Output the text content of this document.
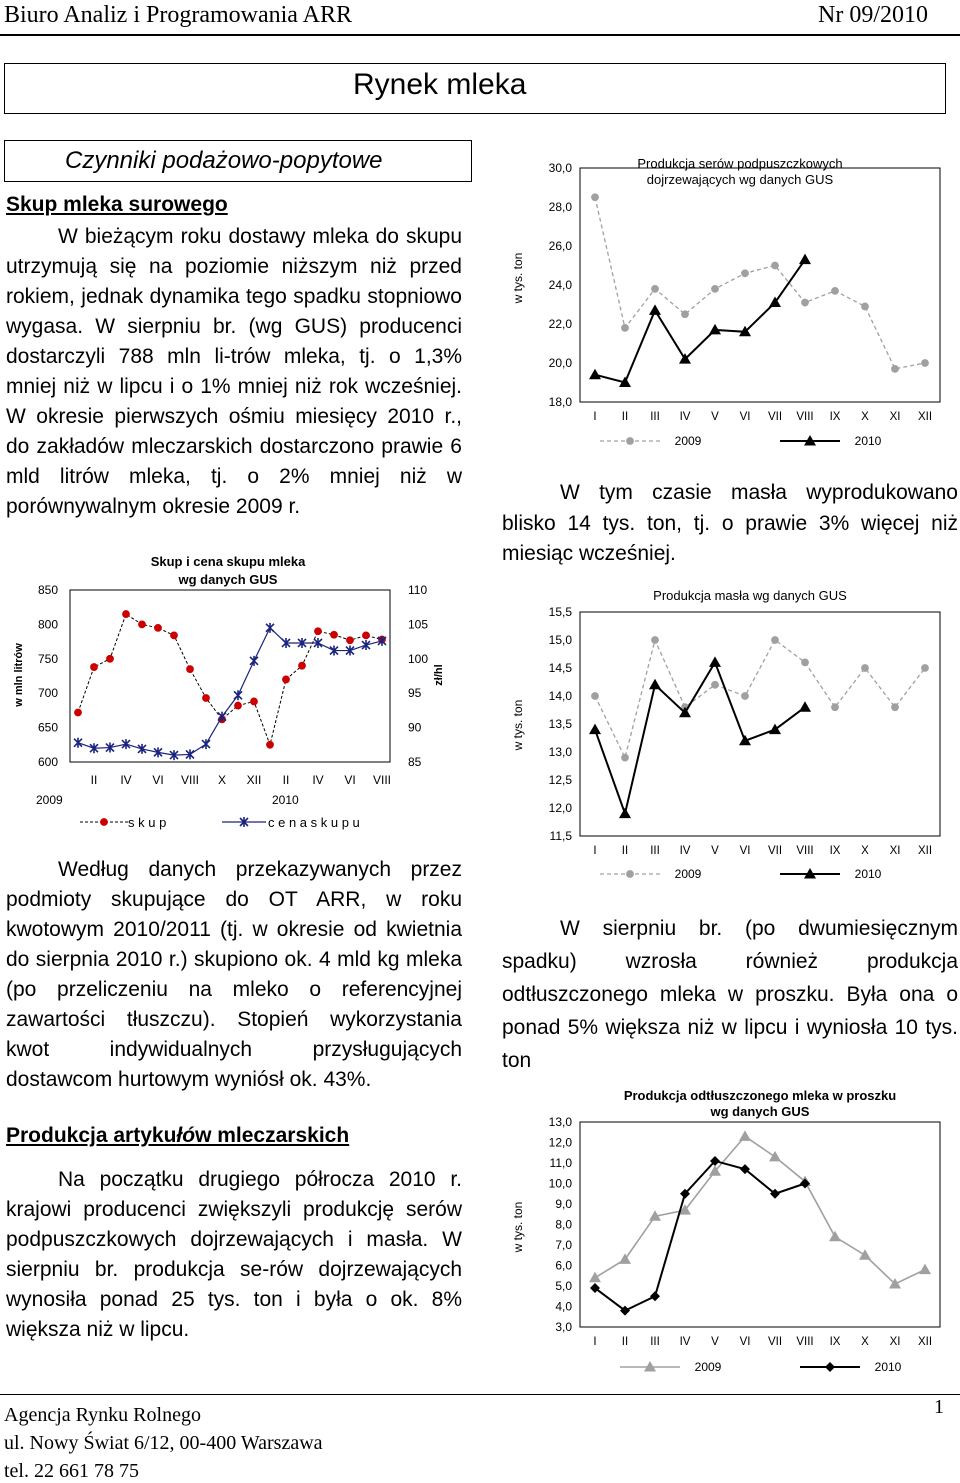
Biuro Analiz i Programowania ARR	Nr 09/2010
Rynek mleka
Czynniki podażowo-popytowe
Skup mleka surowego
W bieżącym roku dostawy mleka do skupu utrzymują się na poziomie niższym niż przed rokiem, jednak dynamika tego spadku stopniowo wygasa. W sierpniu br. (wg GUS) producenci dostarczyli 788 mln li-trów mleka, tj. o 1,3% mniej niż w lipcu i o 1% mniej niż rok wcześniej. W okresie pierwszych ośmiu miesięcy 2010 r., do zakładów mleczarskich dostarczono prawie 6 mld litrów mleka, tj. o 2% mniej niż w porównywalnym okresie 2009 r.
850
800
750
700
650
600
110
105
100
95
90
85
II IV VI VIII X XII II IV VI VIII
2009	2010
w mln litrów	zł/hl
Skup i cena skupu mleka
wg danych GUS
s k u p	c e n a s k u p u
Według danych przekazywanych przez podmioty skupujące do OT ARR, w roku kwotowym 2010/2011 (tj. w okresie od kwietnia do sierpnia 2010 r.) skupiono ok. 4 mld kg mleka (po przeliczeniu na mleko o referencyjnej zawartości tłuszczu). Stopień wykorzystania kwot indywidualnych przysługujących dostawcom hurtowym wyniósł ok. 43%.
Produkcja artykułów mleczarskich
Na początku drugiego półrocza 2010 r. krajowi producenci zwiększyli produkcję serów podpuszczkowych dojrzewających i masła. W sierpniu br. produkcja se-rów dojrzewających wynosiła ponad 25 tys. ton i była o ok. 8% większa niż w lipcu.
30,0
28,0
26,0
24,0
22,0
20,0
18,0
I II III IV V VI VII VIII IX X XI XII
w tys. ton
Produkcja serów podpuszczkowych
dojrzewających wg danych GUS
2009	2010
W tym czasie masła wyprodukowano blisko 14 tys. ton, tj. o prawie 3% więcej niż miesiąc wcześniej.
15,5
15,0
14,5
14,0
13,5
13,0
12,5
12,0
11,5
I II III IV V VI VII VIII IX X XI XII
w tys. ton
Produkcja masła wg danych GUS
2009	2010
W sierpniu br. (po dwumiesięcznym spadku) wzrosła również produkcja odtłuszczonego mleka w proszku. Była ona o ponad 5% większa niż w lipcu i wyniosła 10 tys. ton
13,0
12,0
11,0
10,0
9,0
8,0
7,0
6,0
5,0
4,0
3,0
I II III IV V VI VII VIII IX X XI XII
w tys. ton
Produkcja odtłuszczonego mleka w proszku
wg danych GUS
2009	2010
Agencja Rynku Rolnego
ul. Nowy Świat 6/12, 00-400 Warszawa
tel. 22 661 78 75
1
